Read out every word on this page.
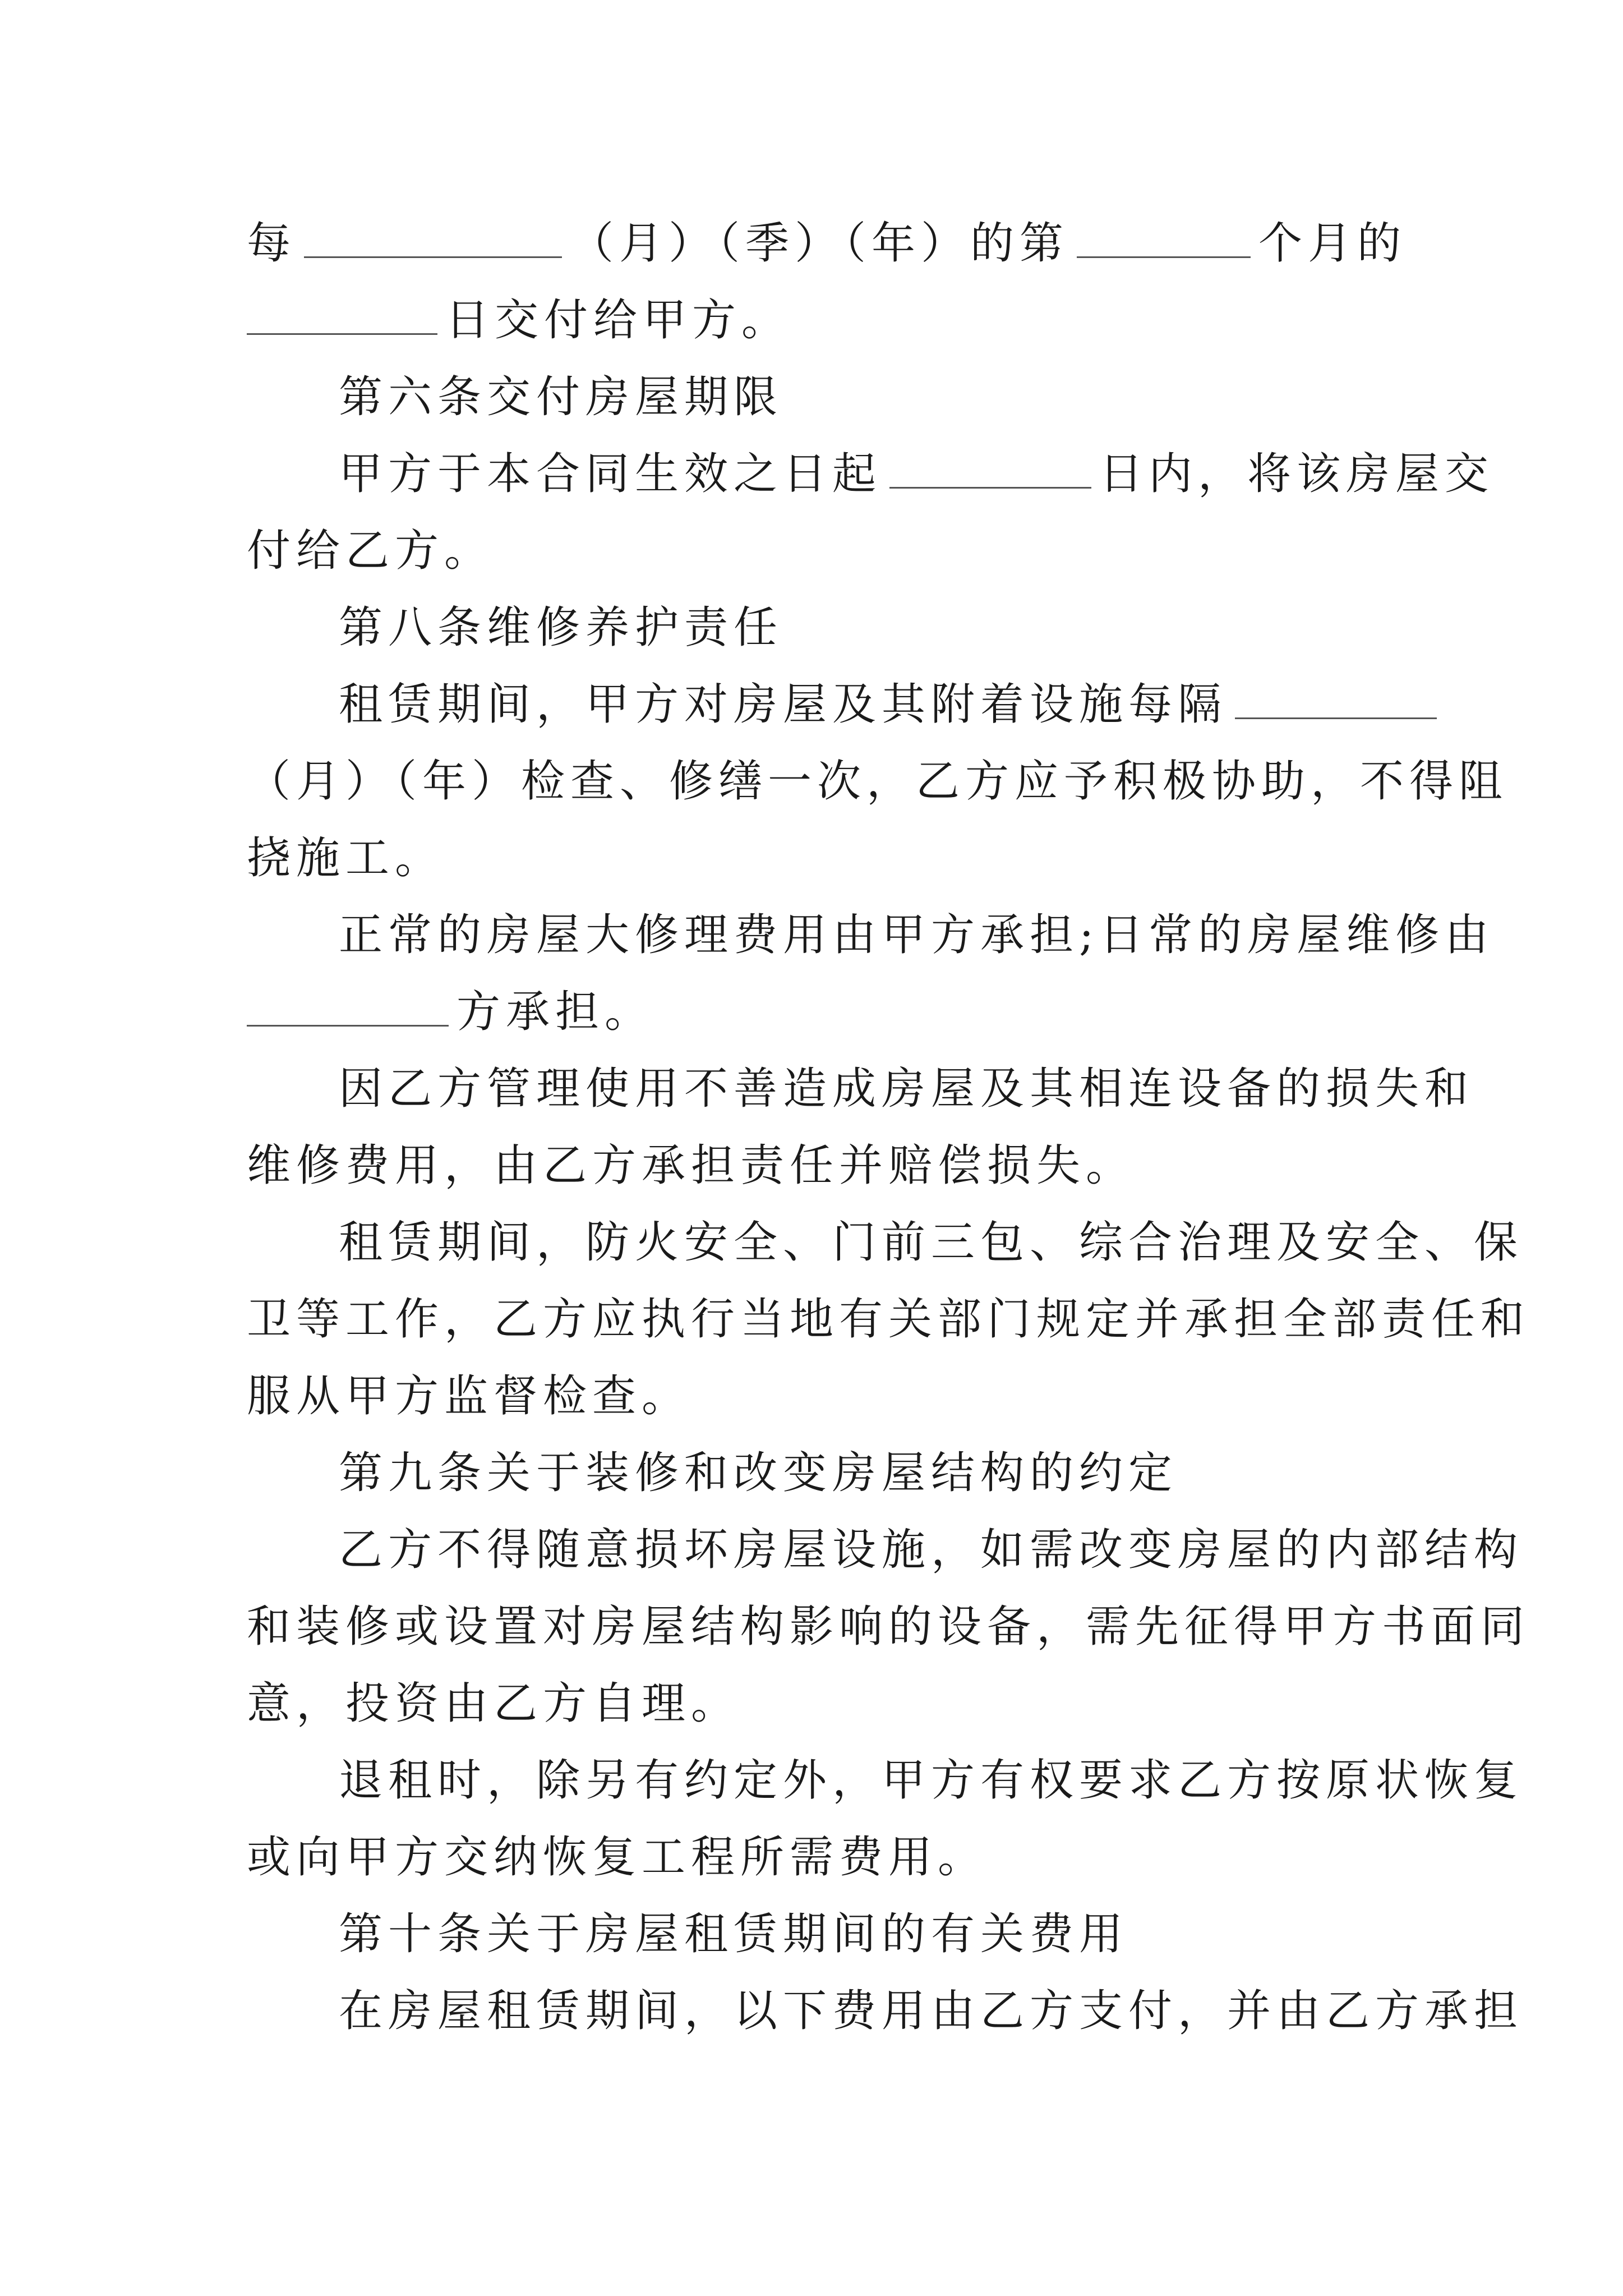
每	（月）（季）（年）的第	个月的
日交付给甲方。
第六条交付房屋期限
甲方于本合同生效之日起	日内，将该房屋交
付给乙方。
第八条维修养护责任
租赁期间，甲方对房屋及其附着设施每隔
（月）（年）检查、修缮一次，乙方应予积极协助，不得阻
挠施工。
正常的房屋大修理费用由甲方承担;日常的房屋维修由
方承担。
因乙方管理使用不善造成房屋及其相连设备的损失和
维修费用，由乙方承担责任并赔偿损失。
租赁期间，防火安全、门前三包、综合治理及安全、保
卫等工作，乙方应执行当地有关部门规定并承担全部责任和
服从甲方监督检查。
第九条关于装修和改变房屋结构的约定
乙方不得随意损坏房屋设施，如需改变房屋的内部结构
和装修或设置对房屋结构影响的设备，需先征得甲方书面同
意，投资由乙方自理。
退租时，除另有约定外，甲方有权要求乙方按原状恢复
或向甲方交纳恢复工程所需费用。
第十条关于房屋租赁期间的有关费用
在房屋租赁期间，以下费用由乙方支付，并由乙方承担
